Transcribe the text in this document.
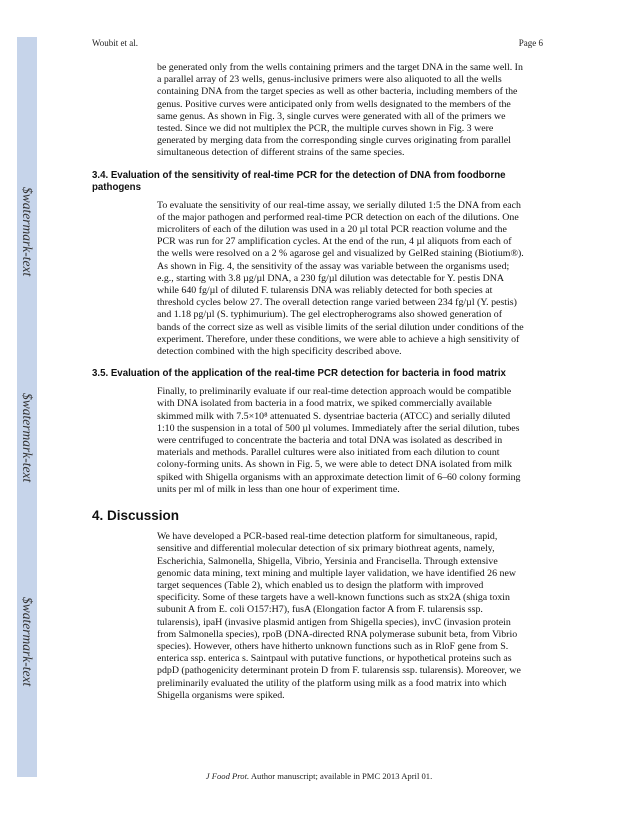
$watermark-text
$watermark-text
$watermark-text
Woubit et al.	Page 6
be generated only from the wells containing primers and the target DNA in the same well. In
a parallel array of 23 wells, genus-inclusive primers were also aliquoted to all the wells
containing DNA from the target species as well as other bacteria, including members of the
genus. Positive curves were anticipated only from wells designated to the members of the
same genus. As shown in Fig. 3, single curves were generated with all of the primers we
tested. Since we did not multiplex the PCR, the multiple curves shown in Fig. 3 were
generated by merging data from the corresponding single curves originating from parallel
simultaneous detection of different strains of the same species.
3.4. Evaluation of the sensitivity of real-time PCR for the detection of DNA from foodborne
pathogens
To evaluate the sensitivity of our real-time assay, we serially diluted 1:5 the DNA from each
of the major pathogen and performed real-time PCR detection on each of the dilutions. One
microliters of each of the dilution was used in a 20 µl total PCR reaction volume and the
PCR was run for 27 amplification cycles. At the end of the run, 4 µl aliquots from each of
the wells were resolved on a 2 % agarose gel and visualized by GelRed staining (Biotium®).
As shown in Fig. 4, the sensitivity of the assay was variable between the organisms used;
e.g., starting with 3.8 µg/µl DNA, a 230 fg/µl dilution was detectable for Y. pestis DNA
while 640 fg/µl of diluted F. tularensis DNA was reliably detected for both species at
threshold cycles below 27. The overall detection range varied between 234 fg/µl (Y. pestis)
and 1.18 pg/µl (S. typhimurium). The gel electropherograms also showed generation of
bands of the correct size as well as visible limits of the serial dilution under conditions of the
experiment. Therefore, under these conditions, we were able to achieve a high sensitivity of
detection combined with the high specificity described above.
3.5. Evaluation of the application of the real-time PCR detection for bacteria in food matrix
Finally, to preliminarily evaluate if our real-time detection approach would be compatible
with DNA isolated from bacteria in a food matrix, we spiked commercially available
skimmed milk with 7.5×10⁸ attenuated S. dysentriae bacteria (ATCC) and serially diluted
1:10 the suspension in a total of 500 µl volumes. Immediately after the serial dilution, tubes
were centrifuged to concentrate the bacteria and total DNA was isolated as described in
materials and methods. Parallel cultures were also initiated from each dilution to count
colony-forming units. As shown in Fig. 5, we were able to detect DNA isolated from milk
spiked with Shigella organisms with an approximate detection limit of 6–60 colony forming
units per ml of milk in less than one hour of experiment time.
4. Discussion
We have developed a PCR-based real-time detection platform for simultaneous, rapid,
sensitive and differential molecular detection of six primary biothreat agents, namely,
Escherichia, Salmonella, Shigella, Vibrio, Yersinia and Francisella. Through extensive
genomic data mining, text mining and multiple layer validation, we have identified 26 new
target sequences (Table 2), which enabled us to design the platform with improved
specificity. Some of these targets have a well-known functions such as stx2A (shiga toxin
subunit A from E. coli O157:H7), fusA (Elongation factor A from F. tularensis ssp.
tularensis), ipaH (invasive plasmid antigen from Shigella species), invC (invasion protein
from Salmonella species), rpoB (DNA-directed RNA polymerase subunit beta, from Vibrio
species). However, others have hitherto unknown functions such as in RloF gene from S.
enterica ssp. enterica s. Saintpaul with putative functions, or hypothetical proteins such as
pdpD (pathogenicity determinant protein D from F. tularensis ssp. tularensis). Moreover, we
preliminarily evaluated the utility of the platform using milk as a food matrix into which
Shigella organisms were spiked.
J Food Prot. Author manuscript; available in PMC 2013 April 01.
